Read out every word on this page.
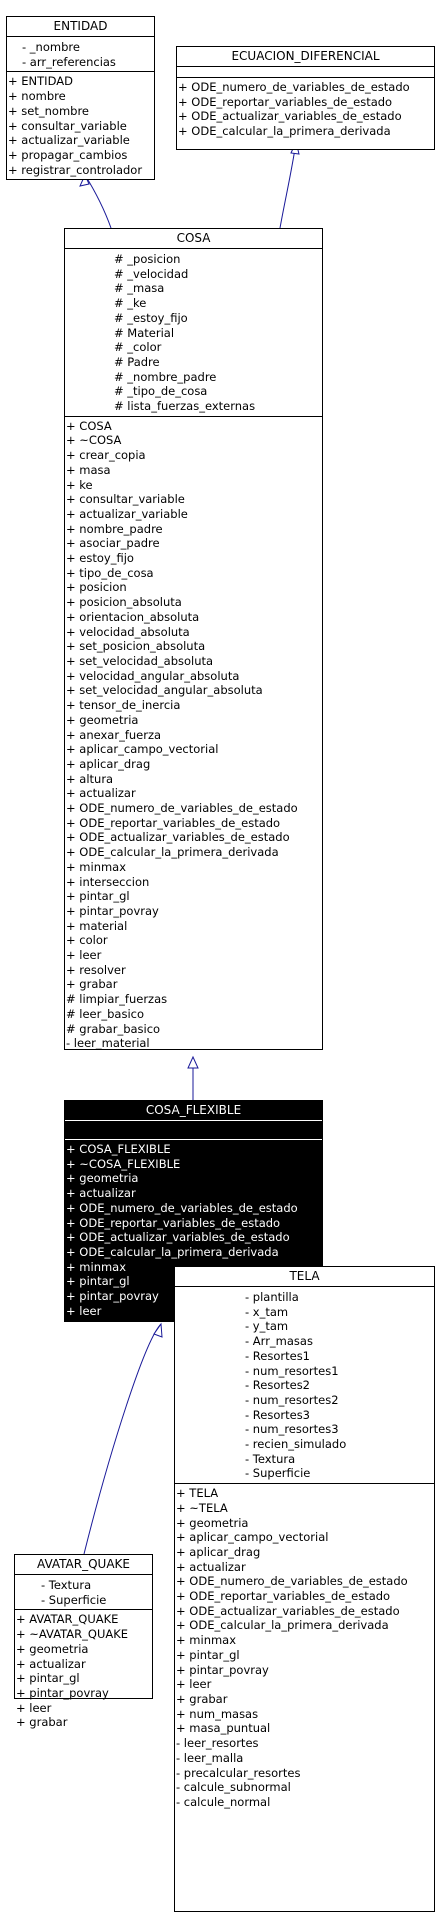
ENTIDAD
- _nombre
- arr_referencias
+ ENTIDAD
+ nombre
+ set_nombre
+ consultar_variable
+ actualizar_variable
+ propagar_cambios
+ registrar_controlador
ECUACION_DIFERENCIAL
+ ODE_numero_de_variables_de_estado
+ ODE_reportar_variables_de_estado
+ ODE_actualizar_variables_de_estado
+ ODE_calcular_la_primera_derivada
COSA
# _posicion
# _velocidad
# _masa
# _ke
# _estoy_fijo
# Material
# _color
# Padre
# _nombre_padre
# _tipo_de_cosa
# lista_fuerzas_externas
+ COSA
+ ~COSA
+ crear_copia
+ masa
+ ke
+ consultar_variable
+ actualizar_variable
+ nombre_padre
+ asociar_padre
+ estoy_fijo
+ tipo_de_cosa
+ posicion
+ posicion_absoluta
+ orientacion_absoluta
+ velocidad_absoluta
+ set_posicion_absoluta
+ set_velocidad_absoluta
+ velocidad_angular_absoluta
+ set_velocidad_angular_absoluta
+ tensor_de_inercia
+ geometria
+ anexar_fuerza
+ aplicar_campo_vectorial
+ aplicar_drag
+ altura
+ actualizar
+ ODE_numero_de_variables_de_estado
+ ODE_reportar_variables_de_estado
+ ODE_actualizar_variables_de_estado
+ ODE_calcular_la_primera_derivada
+ minmax
+ interseccion
+ pintar_gl
+ pintar_povray
+ material
+ color
+ leer
+ resolver
+ grabar
# limpiar_fuerzas
# leer_basico
# grabar_basico
- leer_material
COSA_FLEXIBLE
+ COSA_FLEXIBLE
+ ~COSA_FLEXIBLE
+ geometria
+ actualizar
+ ODE_numero_de_variables_de_estado
+ ODE_reportar_variables_de_estado
+ ODE_actualizar_variables_de_estado
+ ODE_calcular_la_primera_derivada
+ minmax
+ pintar_gl
+ pintar_povray
+ leer
TELA
- plantilla
- x_tam
- y_tam
- Arr_masas
- Resortes1
- num_resortes1
- Resortes2
- num_resortes2
- Resortes3
- num_resortes3
- recien_simulado
- Textura
- Superficie
+ TELA
+ ~TELA
+ geometria
+ aplicar_campo_vectorial
+ aplicar_drag
+ actualizar
+ ODE_numero_de_variables_de_estado
+ ODE_reportar_variables_de_estado
+ ODE_actualizar_variables_de_estado
+ ODE_calcular_la_primera_derivada
+ minmax
+ pintar_gl
+ pintar_povray
+ leer
+ grabar
+ num_masas
+ masa_puntual
- leer_resortes
- leer_malla
- precalcular_resortes
- calcule_subnormal
- calcule_normal
AVATAR_QUAKE
- Textura
- Superficie
+ AVATAR_QUAKE
+ ~AVATAR_QUAKE
+ geometria
+ actualizar
+ pintar_gl
+ pintar_povray
+ leer
+ grabar
